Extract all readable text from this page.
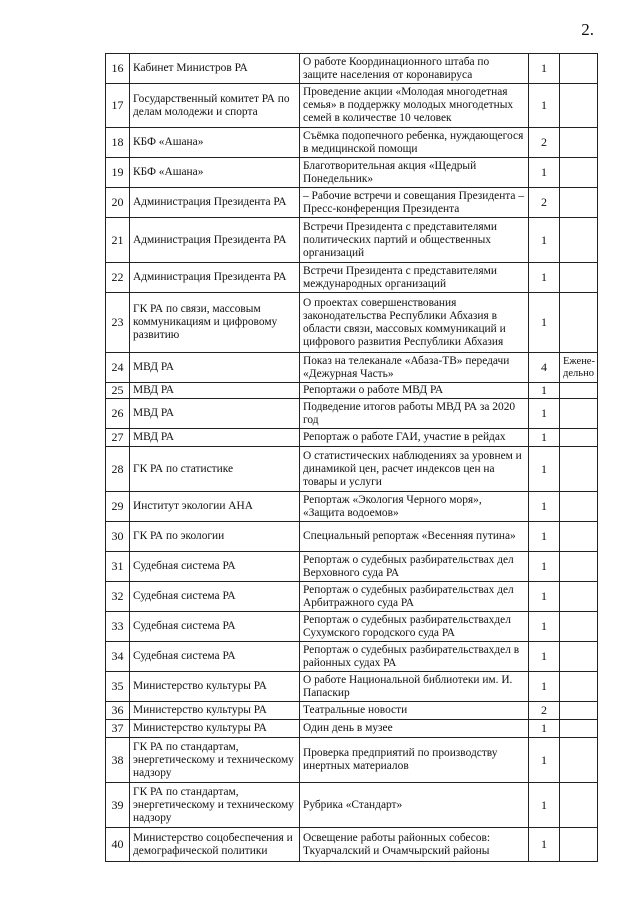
2.
16	Кабинет Министров РА	О работе Координационного штаба по защите населения от коронавируса	1	
17	Государственный комитет РА по делам молодежи и спорта	Проведение акции «Молодая многодетная семья» в поддержку молодых многодетных семей в количестве 10 человек	1	
18	КБФ «Ашана»	Съёмка подопечного ребенка, нуждающегося в медицинской помощи	2	
19	КБФ «Ашана»	Благотворительная акция «Щедрый Понедельник»	1	
20	Администрация Президента РА	– Рабочие встречи и совещания Президента – Пресс-конференция Президента	2	
21	Администрация Президента РА	Встречи Президента с представителями политических партий и общественных организаций	1	
22	Администрация Президента РА	Встречи Президента с представителями международных организаций	1	
23	ГК РА по связи, массовым коммуникациям и цифровому развитию	О проектах совершенствования законодательства Республики Абхазия в области связи, массовых коммуникаций и цифрового развития Республики Абхазия	1	
24	МВД РА	Показ на телеканале «Абаза-ТВ» передачи «Дежурная Часть»	4	Ежене-дельно
25	МВД РА	Репортажи о работе МВД РА	1	
26	МВД РА	Подведение итогов работы МВД РА за 2020 год	1	
27	МВД РА	Репортаж о работе ГАИ, участие в рейдах	1	
28	ГК РА по статистике	О статистических наблюдениях за уровнем и динамикой цен, расчет индексов цен на товары и услуги	1	
29	Институт экологии АНА	Репортаж «Экология Черного моря», «Защита водоемов»	1	
30	ГК РА по экологии	Специальный репортаж «Весенняя путина»	1	
31	Судебная система РА	Репортаж о судебных разбирательствах дел Верховного суда РА	1	
32	Судебная система РА	Репортаж о судебных разбирательствах дел Арбитражного суда РА	1	
33	Судебная система РА	Репортаж о судебных разбирательствахдел Сухумского городского суда РА	1	
34	Судебная система РА	Репортаж о судебных разбирательствахдел в районных судах РА	1	
35	Министерство культуры РА	О работе Национальной библиотеки им. И. Папаскир	1	
36	Министерство культуры РА	Театральные новости	2	
37	Министерство культуры РА	Один день в музее	1	
38	ГК РА по стандартам, энергетическому и техническому надзору	Проверка предприятий по производству инертных материалов	1	
39	ГК РА по стандартам, энергетическому и техническому надзору	Рубрика «Стандарт»	1	
40	Министерство соцобеспечения и демографической политики	Освещение работы районных собесов: Ткуарчалский и Очамчырский районы	1	
